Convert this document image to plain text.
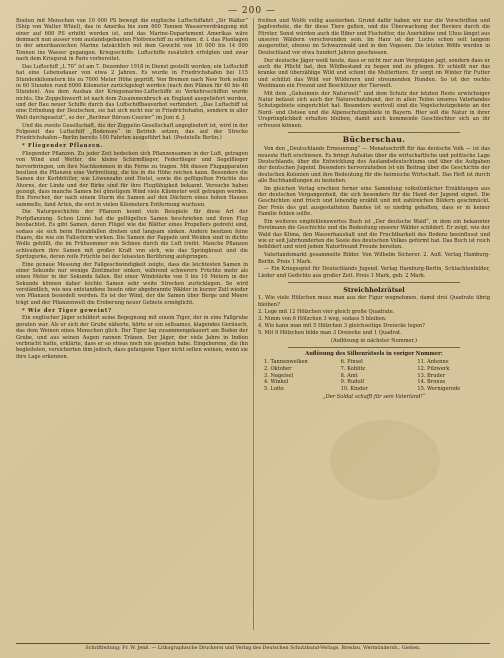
— 200 —

Booten mit Menschen von 10 000 PS bewegt die englische Luftschiffahrt „Sir Walter“ (Ship von Walter Whiel), das in Amerika bis zum 600 Tonnen Wasserverdrängung mit einer auf 600 PS erhöht worden ist, und das Marine-Departement Amerikas wäre demnach nun ausser vom auslandsgebauten Flottenschiff zu erhöhen, d. i. das Plantagen in der amerikanischen Marine tatsächlich mit dem Gewicht von 10 000 bis 14 000 Tonnen ins Wasser gegangen. Kriegsschiffe: Luftschiffe zusätzlich erfolgten und zwar nach dem Kriegsrat in Paris vorbereitet.

Das Luftschiff „L 70“ ist am 7. Dezember 1918 in Dienst gestellt worden; ein Luftschiff hat eine Lebensdauer von etwa 2 Jahren. Es wurde in Friedrichshafen bei 115 Stundenkilometern bis zu 7000 Meter Höhe geprüft. Von Bremen nach New York sollen in 60 Stunden rund 6000 Kilometer zurückgelegt werden (nach den Plänen für 40 bis 48 Stunden). Aus dem Ausbau der Kriegsmarine-Luftschiffe zu Verkehrsschiffen wurde nichts. Die Zeppelinwerft ist nach dem Zusammenbruch an England ausgeliefert worden, und der Bau neuer Schiffe durch das Luftschiffbauverbot verhindert. „Das Luftschiff ist eine Erfindung der Deutschen, sie hat sich nicht nur in Friedrichshafen, sondern in aller Welt durchgesetzt“, so der „Berliner Börsen-Courier“ im Juni d. J.

Und die zweite Gesellschaft, die der Zeppelin-Gesellschaft angegliedert ist, wird in der Folgezeit das Luftschiff „Bodensee“ in Betrieb setzen, das auf der Strecke Friedrichshafen—Berlin bereits 100 Fahrten ausgeführt hat. (Poststelle Berlin.)

* Fliegender Pflanzen.

Fliegender Pflanzen. Zu jeder Zeit bedecken sich Pflanzensamen in der Luft, getragen von Wind und Wetter, die kleine Schirmflieger, Federflieger und Segelflieger hervorbringen, um ihre Nachkommen in die Ferne zu tragen. Mit diesen Flugapparaten besitzen die Pflanzen eine Verbreitung, die bis in die Höhe reichen kann. Besonders die Samen der Korbblütler, wie Löwenzahn und Distel, sowie die geflügelten Früchte des Ahorns, der Linde und der Birke sind für ihre Flugfähigkeit bekannt. Versuche haben gezeigt, dass manche Samen bei günstigem Wind viele Kilometer weit getragen werden. Ein Forscher, der nach einem Sturm die Samen auf den Dächern eines hohen Hauses sammelte, fand Arten, die erst in vielen Kilometern Entfernung wuchsen.

Die Naturgeschichte der Pflanzen kennt viele Beispiele für diese Art der Fortpflanzung. Schon Linné hat die geflügelten Samen beschrieben und ihren Flug beobachtet. Es gibt Samen, deren Flügel wie die Blätter eines Propellers gedreht sind, sodass sie sich beim Herabfallen drehen und langsam sinken. Andere besitzen feine Haare, die wie ein Fallschirm wirken. Die Samen der Pappeln und Weiden sind in dichte Wolle gehüllt, die im Frühsommer wie Schnee durch die Luft treibt. Manche Pflanzen schleudern ihre Samen mit großer Kraft von sich, wie das Springkraut und die Spritzgurke, deren reife Früchte bei der leisesten Berührung aufspringen.

Eine genaue Messung der Fallgeschwindigkeit zeigte, dass die leichtesten Samen in einer Sekunde nur wenige Zentimeter sinken, während schwerere Früchte mehr als einen Meter in der Sekunde fallen. Bei einer Windstärke von 5 bis 10 Metern in der Sekunde können daher leichte Samen sehr weite Strecken zurücklegen. So wird verständlich, wie neu entstandene Inseln oder abgebrannte Wälder in kurzer Zeit wieder von Pflanzen besiedelt werden. Es ist der Wind, der die Samen über Berge und Meere trägt und der Pflanzenwelt die Eroberung neuer Gebiete ermöglicht.

* Wie der Tiger geweint?

Ein englischer Jäger schildert seine Begegnung mit einem Tiger, der in eine Fallgrube geraten war. Als er sich der Grube näherte, hörte er ein seltsames, klagendes Geräusch, das dem Weinen eines Menschen glich. Der Tiger lag zusammengekauert am Boden der Grube, und aus seinen Augen rannen Tränen. Der Jäger, der viele Jahre in Indien verbracht hatte, erklärte, dass er so etwas noch nie gesehen habe. Eingeborene, die ihn begleiteten, versicherten ihm jedoch, dass gefangene Tiger nicht selten weinen, wenn sie ihre Lage erkennen.

freihen und Wolfe vollig aussterben. Grund dafür haben wir nur die Vorschriften und Jagdverbote, die für diese Tiere gelten, und die Überwachung der Reviere durch die Förster. Sonst würden auch die Biber und Fischotter, die Auerhähne und Uhus längst aus unseren Wäldern verschwunden sein. Im Harz ist der Luchs schon seit langem ausgerottet, ebenso im Schwarzwald und in den Vogesen. Die letzten Wölfe wurden in Deutschland vor etwa hundert Jahren geschossen.

Der deutsche Jäger weiß heute, dass er nicht nur zum Vergnügen jagt, sondern dass er auch die Pflicht hat, den Wildbestand zu hegen und zu pflegen. Er schießt nur das kranke und überzählige Wild und schont die Muttertiere. Er sorgt im Winter für Futter und schützt das Wild vor Wilderern und streunenden Hunden. So ist der rechte Weidmann ein Freund und Beschützer der Tierwelt.

Mit dem „Geheimnis der Naturwelt“ und dem Schutz der letzten Reste urwüchsiger Natur befasst sich auch der Naturschutzbund, der in allen Teilen unseres Vaterlandes Schutzgebiete eingerichtet hat. Besonders wertvoll sind die Vogelschutzgebiete an der Nord- und Ostsee und die Alpenschutzgebiete in Bayern. Hier soll die Natur in ihrer Ursprünglichkeit erhalten bleiben, damit auch kommende Geschlechter sich an ihr erfreuen können.

Bücherschau.

Von den „Deutschlands Erneuerung“ — Monatsschrift für das deutsche Volk — ist das neueste Heft erschienen. Es bringt Aufsätze über die wirtschaftliche und politische Lage Deutschlands, über die Entwicklung des Auslandsdeutschtums und über die Aufgaben der deutschen Jugend. Besonders hervorzuheben ist ein Beitrag über die Geschichte der deutschen Kolonien und ihre Bedeutung für die heimische Wirtschaft. Das Heft ist durch alle Buchhandlungen zu beziehen.

Im gleichen Verlag erschien ferner eine Sammlung volkstümlicher Erzählungen aus der deutschen Vergangenheit, die sich besonders für die Hand der Jugend eignet. Die Geschichten sind frisch und lebendig erzählt und mit zahlreichen Bildern geschmückt. Der Preis des gut ausgestatteten Bandes ist so niedrig gehalten, dass er in keiner Familie fehlen sollte.

Ein weiteres empfehlenswertes Buch ist „Der deutsche Wald“, in dem ein bekannter Forstmann die Geschichte und die Bedeutung unserer Wälder schildert. Er zeigt, wie der Wald das Klima, den Wasserhaushalt und die Fruchtbarkeit des Bodens beeinflusst und wie er seit Jahrhunderten die Seele des deutschen Volkes geformt hat. Das Buch ist reich bebildert und wird jedem Naturfreund Freude bereiten.

Vaterlandsmarkt gesammelte Bilder. Von Wilhelm Sicherer. 2. Aufl. Verlag Hamburg-Berlin. Preis 1 Mark.

— Ein Kriegsspiel für Deutschlands Jugend. Verlag Hamburg-Berlin, Schlachtenbilder, Lieder und Gedichte aus großer Zeit. Preis 1 Mark, geb. 2 Mark.

Streichholzrätsel

1. Wie viele Hölzchen muss man aus der Figur wegnehmen, damit drei Quadrate übrig bleiben?

2. Lege mit 12 Hölzchen vier gleich große Quadrate.

3. Nimm von 6 Hölzchen 3 weg, sodass 5 bleiben.

4. Wie kann man mit 5 Hölzchen 3 gleichseitige Dreiecke legen?

5. Mit 9 Hölzchen bilde man 3 Dreiecke und 1 Quadrat.

(Auflösung in nächster Nummer.)
Auflösung des Silbenrätsels in voriger Nummer:
1. Tannenwelken	6. Pinsel	11. Antenne
2. Oktober	7. Koblitz	12. Pilzwerk
3. Nagelsel	8. Amt	13. Bruder
4. Winkel	9. Rudolf	14. Bronze
5. Lotte	10. Kinder	15. Wernigerode
„Der Soldat schafft für sein Vaterland!“
Schriftleitung: Fr. W. Jenß. — Lithographische Druckerei und Verlag des Deutschen Schutzbund-Verlags, Breslau, Wermündersh., Gießen.
